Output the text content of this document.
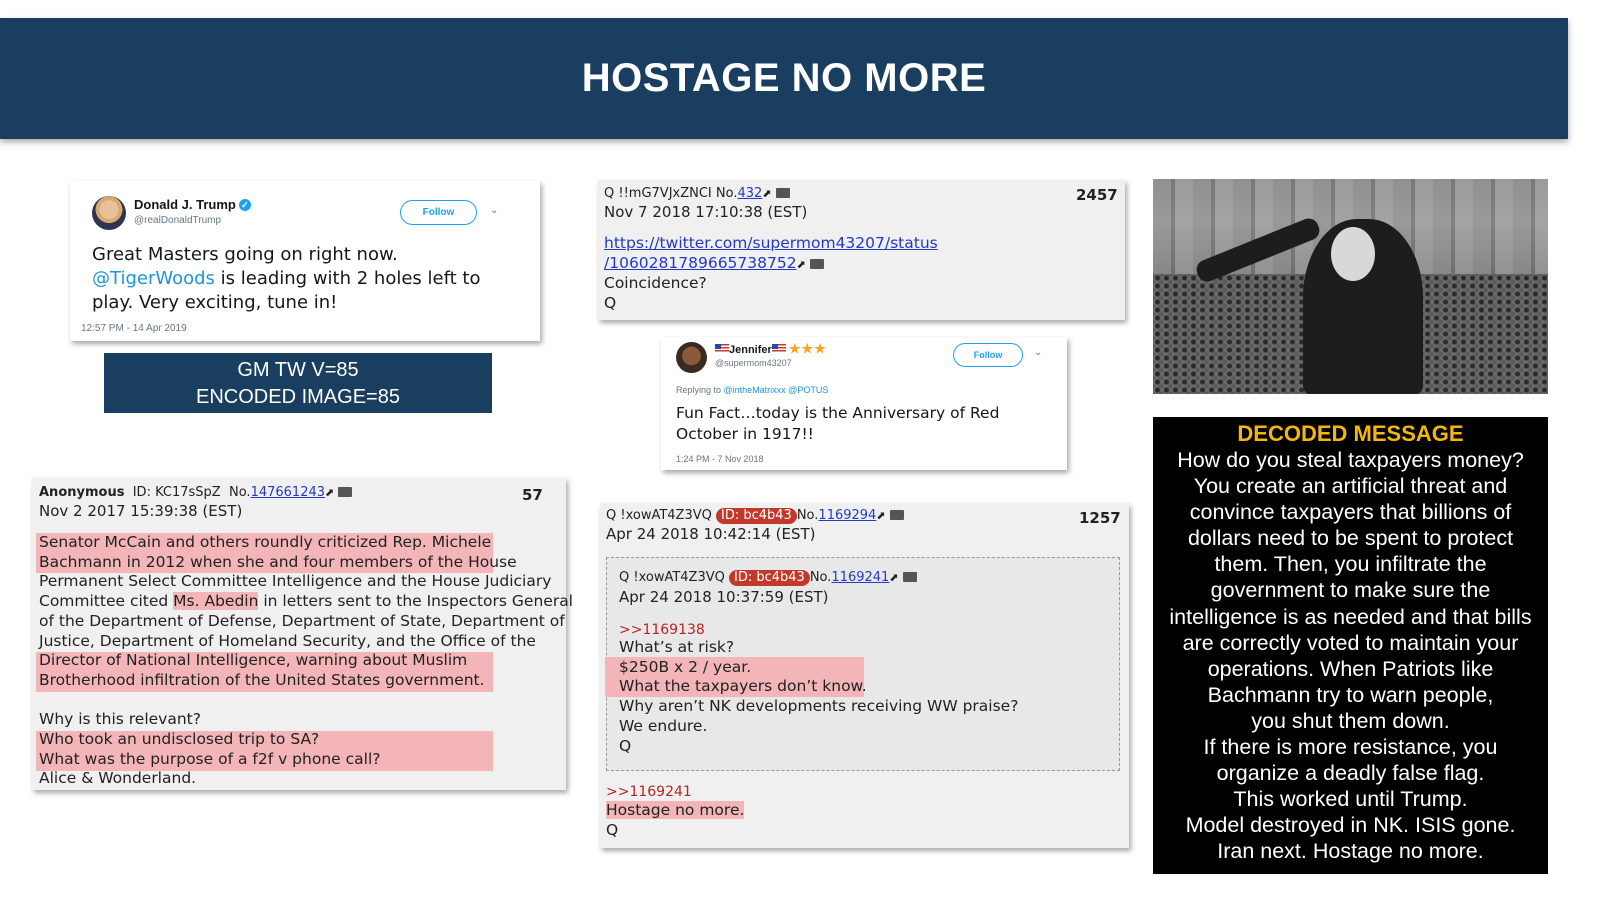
HOSTAGE NO MORE
Donald J. Trump ✓
@realDonaldTrump
Follow	⌄
Great Masters going on right now.
@TigerWoods is leading with 2 holes left to
play. Very exciting, tune in!
12:57 PM - 14 Apr 2019
GM TW V=85
ENCODED IMAGE=85
Anonymous ID: KC17sSpZ No.147661243⬈	57
Nov 2 2017 15:39:38 (EST)
Senator McCain and others roundly criticized Rep. Michele
Bachmann in 2012 when she and four members of the House
Permanent Select Committee Intelligence and the House Judiciary
Committee cited Ms. Abedin in letters sent to the Inspectors General
of the Department of Defense, Department of State, Department of
Justice, Department of Homeland Security, and the Office of the
Director of National Intelligence, warning about Muslim
Brotherhood infiltration of the United States government.

Why is this relevant?
Who took an undisclosed trip to SA?
What was the purpose of a f2f v phone call?
Alice & Wonderland.
Q !!mG7VJxZNCI No.432⬈	2457
Nov 7 2018 17:10:38 (EST)
https://twitter.com/supermom43207/status
/1060281789665738752⬈
Coincidence?
Q
Jennifer ★★★
@supermom43207
Follow	⌄
Replying to @intheMatrixxx @POTUS
Fun Fact…today is the Anniversary of Red
October in 1917!!
1:24 PM - 7 Nov 2018
Q !xowAT4Z3VQ ID: bc4b43 No.1169294⬈	1257
Apr 24 2018 10:42:14 (EST)
Q !xowAT4Z3VQ ID: bc4b43 No.1169241⬈
Apr 24 2018 10:37:59 (EST)
>>1169138
What’s at risk?
$250B x 2 / year.
What the taxpayers don’t know.
Why aren’t NK developments receiving WW praise?
We endure.
Q
>>1169241
Hostage no more.
Q
DECODED MESSAGE
How do you steal taxpayers money?
You create an artificial threat and
convince taxpayers that billions of
dollars need to be spent to protect
them. Then, you infiltrate the
government to make sure the
intelligence is as needed and that bills
are correctly voted to maintain your
operations. When Patriots like
Bachmann try to warn people,
you shut them down.
If there is more resistance, you
organize a deadly false flag.
This worked until Trump.
Model destroyed in NK. ISIS gone.
Iran next. Hostage no more.
